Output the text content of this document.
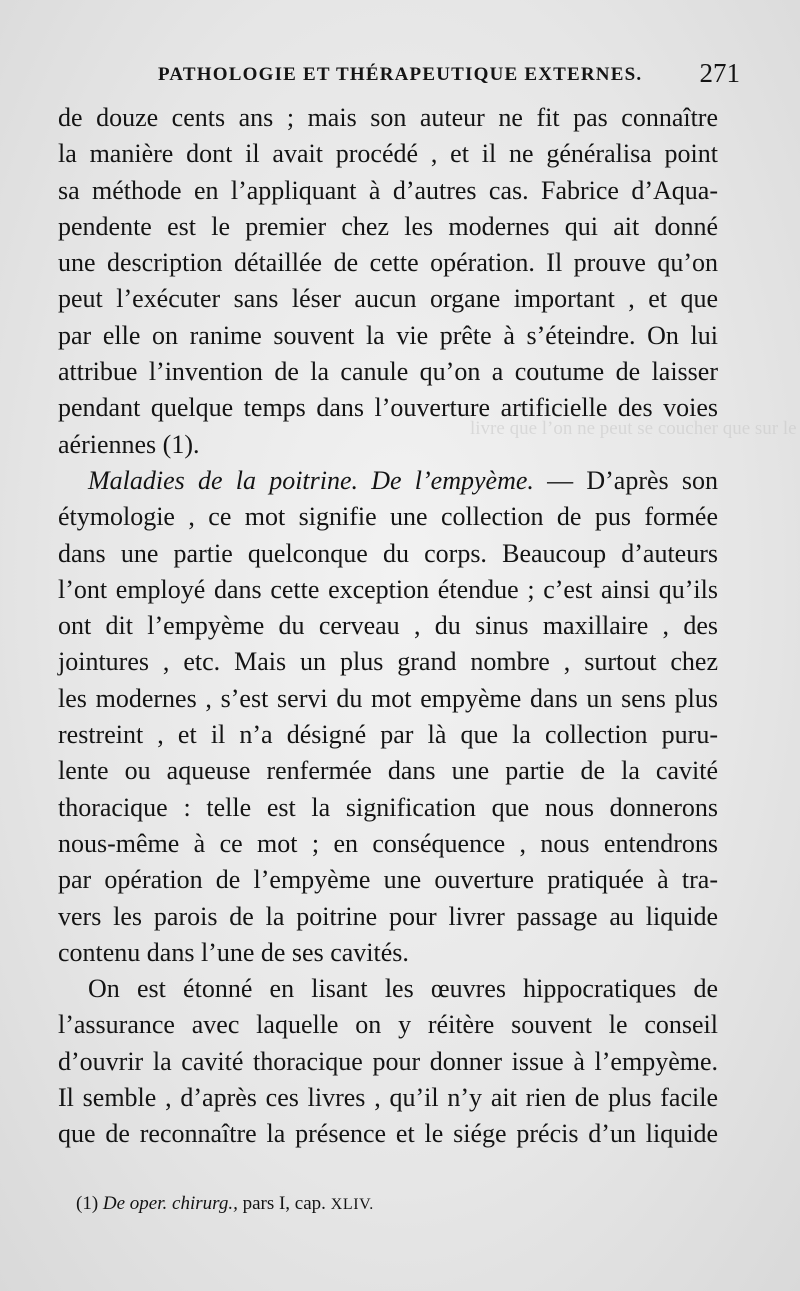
PATHOLOGIE ET THÉRAPEUTIQUE EXTERNES. 271
livre que l’on ne peut se coucher que sur le
de douze cents ans ; mais son auteur ne fit pas connaître
la manière dont il avait procédé , et il ne généralisa point
sa méthode en l’appliquant à d’autres cas. Fabrice d’Aqua-
pendente est le premier chez les modernes qui ait donné
une description détaillée de cette opération. Il prouve qu’on
peut l’exécuter sans léser aucun organe important , et que
par elle on ranime souvent la vie prête à s’éteindre. On lui
attribue l’invention de la canule qu’on a coutume de laisser
pendant quelque temps dans l’ouverture artificielle des voies
aériennes (1).
Maladies de la poitrine. De l’empyème. — D’après son
étymologie , ce mot signifie une collection de pus formée
dans une partie quelconque du corps. Beaucoup d’auteurs
l’ont employé dans cette exception étendue ; c’est ainsi qu’ils
ont dit l’empyème du cerveau , du sinus maxillaire , des
jointures , etc. Mais un plus grand nombre , surtout chez
les modernes , s’est servi du mot empyème dans un sens plus
restreint , et il n’a désigné par là que la collection puru-
lente ou aqueuse renfermée dans une partie de la cavité
thoracique : telle est la signification que nous donnerons
nous-même à ce mot ; en conséquence , nous entendrons
par opération de l’empyème une ouverture pratiquée à tra-
vers les parois de la poitrine pour livrer passage au liquide
contenu dans l’une de ses cavités.
On est étonné en lisant les œuvres hippocratiques de
l’assurance avec laquelle on y réitère souvent le conseil
d’ouvrir la cavité thoracique pour donner issue à l’empyème.
Il semble , d’après ces livres , qu’il n’y ait rien de plus facile
que de reconnaître la présence et le siége précis d’un liquide
(1) De oper. chirurg., pars I, cap. XLIV.
